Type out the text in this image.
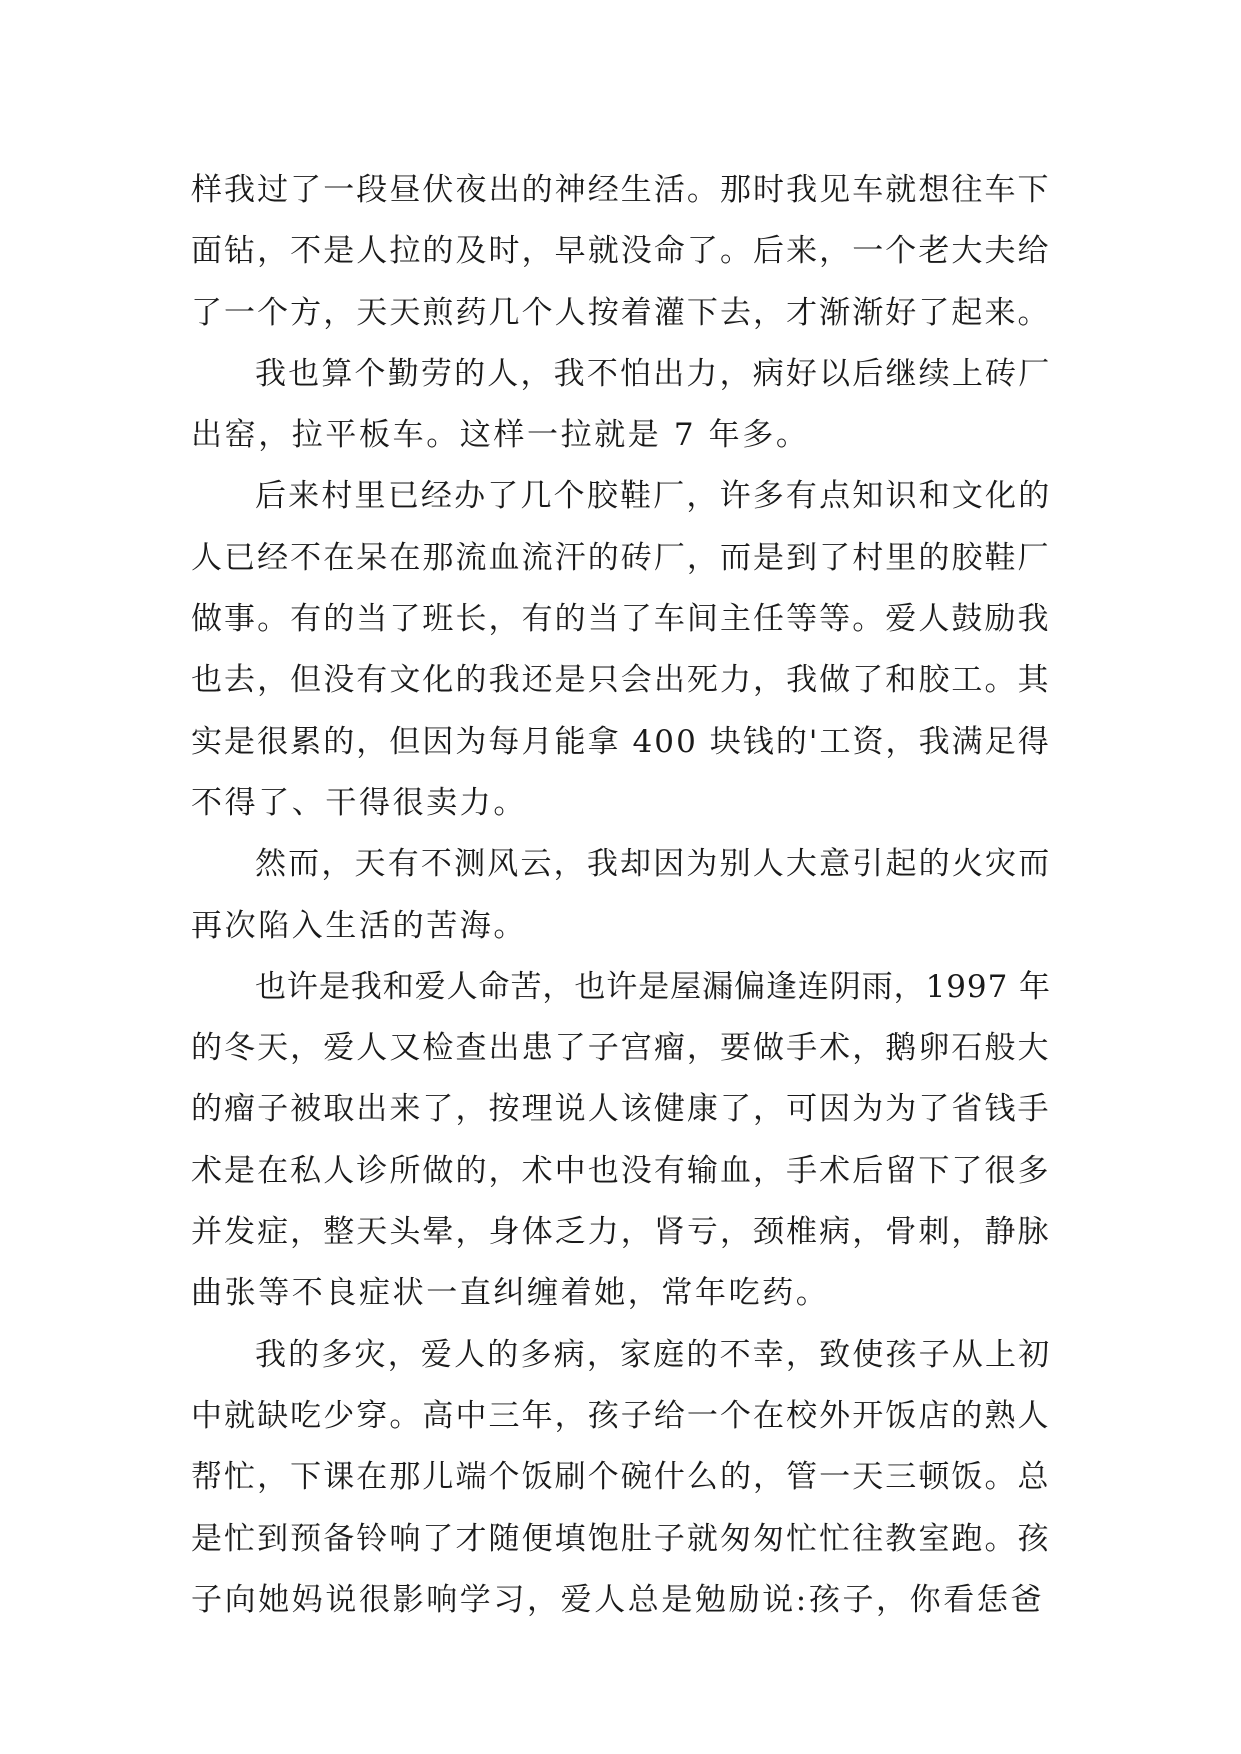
样我过了一段昼伏夜出的神经生活。那时我见车就想往车下
面钻，不是人拉的及时，早就没命了。后来，一个老大夫给
了一个方，天天煎药几个人按着灌下去，才渐渐好了起来。
我也算个勤劳的人，我不怕出力，病好以后继续上砖厂
出窑，拉平板车。这样一拉就是 7 年多。
后来村里已经办了几个胶鞋厂，许多有点知识和文化的
人已经不在呆在那流血流汗的砖厂，而是到了村里的胶鞋厂
做事。有的当了班长，有的当了车间主任等等。爱人鼓励我
也去，但没有文化的我还是只会出死力，我做了和胶工。其
实是很累的，但因为每月能拿 400 块钱的'工资，我满足得
不得了、干得很卖力。
然而，天有不测风云，我却因为别人大意引起的火灾而
再次陷入生活的苦海。
也许是我和爱人命苦，也许是屋漏偏逢连阴雨，1997 年
的冬天，爱人又检查出患了子宫瘤，要做手术，鹅卵石般大
的瘤子被取出来了，按理说人该健康了，可因为为了省钱手
术是在私人诊所做的，术中也没有输血，手术后留下了很多
并发症，整天头晕，身体乏力，肾亏，颈椎病，骨刺，静脉
曲张等不良症状一直纠缠着她，常年吃药。
我的多灾，爱人的多病，家庭的不幸，致使孩子从上初
中就缺吃少穿。高中三年，孩子给一个在校外开饭店的熟人
帮忙，下课在那儿端个饭刷个碗什么的，管一天三顿饭。总
是忙到预备铃响了才随便填饱肚子就匆匆忙忙往教室跑。孩
子向她妈说很影响学习，爱人总是勉励说:孩子，你看恁爸
